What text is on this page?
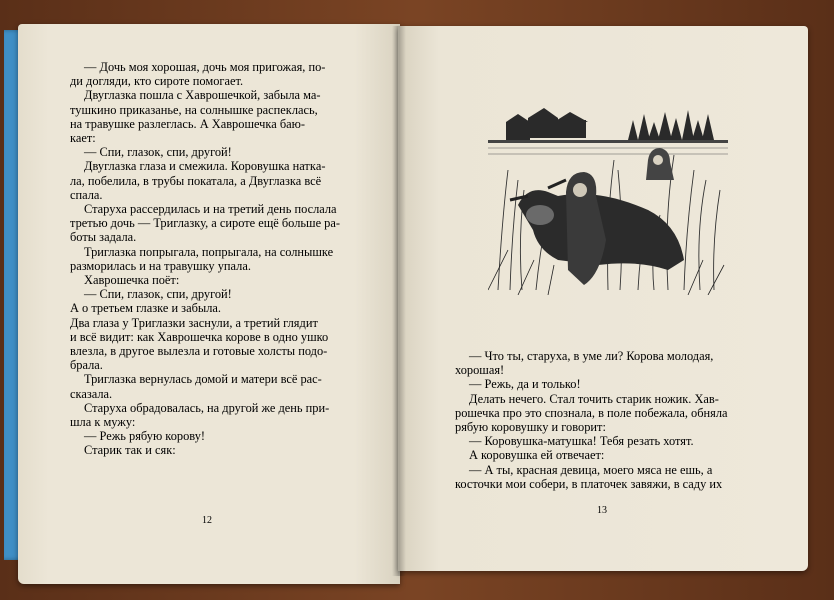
— Дочь моя хорошая, дочь моя пригожая, по-

ди догляди, кто сироте помогает.

Двуглазка пошла с Хаврошечкой, забыла ма-

тушкино приказанье, на солнышке распеклась,

на травушке разлеглась. А Хаврошечка баю-

кает:

— Спи, глазок, спи, другой!

Двуглазка глаза и смежила. Коровушка наткa-

ла, побелила, в трубы покатала, а Двуглазка всё

спала.

Старуха рассердилась и на третий день послала

третью дочь — Триглазку, а сироте ещё больше ра-

боты задала.

Триглазка попрыгала, попрыгала, на солнышке

разморилась и на травушку упала.

Хаврошечка поёт:

— Спи, глазок, спи, другой!

А о третьем глазке и забыла.

Два глаза у Триглазки заснули, а третий глядит

и всё видит: как Хаврошечка корове в одно ушко

влезла, в другое вылезла и готовые холсты подо-

брала.

Триглазка вернулась домой и матери всё рас-

сказала.

Старуха обрадовалась, на другой же день при-

шла к мужу:

— Режь рябую корову!

Старик так и сяк:

12

— Что ты, старуха, в уме ли? Корова молодая,

хорошая!

— Режь, да и только!

Делать нечего. Стал точить старик ножик. Хав-

рошечка про это спознала, в поле побежала, обняла

рябую коровушку и говорит:

— Коровушка-матушка! Тебя резать хотят.

А коровушка ей отвечает:

— А ты, красная девица, моего мяса не ешь, а

косточки мои собери, в платочек завяжи, в саду их

13
